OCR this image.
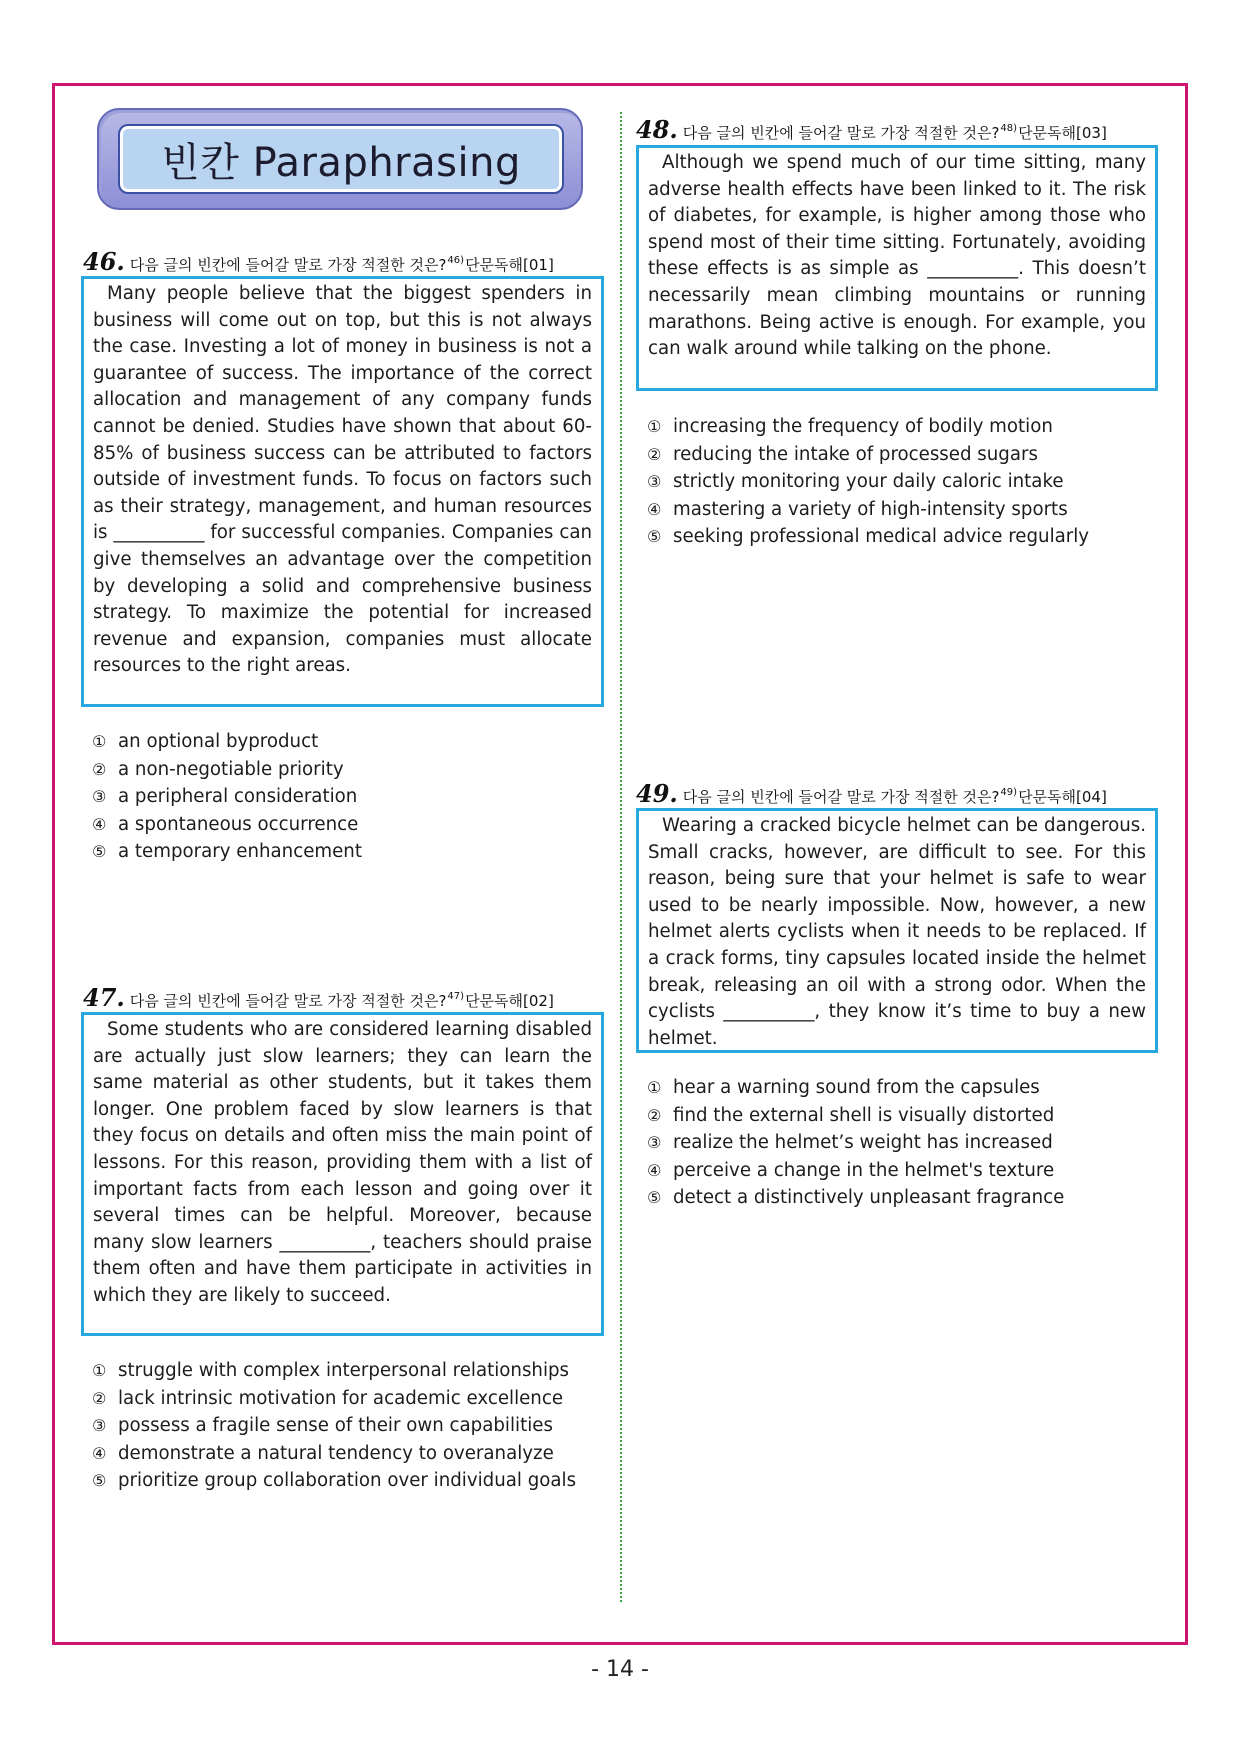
빈칸 Paraphrasing
46. 다음 글의 빈칸에 들어갈 말로 가장 적절한 것은? 46) 단문독해[01]

Many people believe that the biggest spenders in business will come out on top, but this is not always the case. Investing a lot of money in business is not a guarantee of success. The importance of the correct allocation and management of any company funds cannot be denied. Studies have shown that about 60-85% of business success can be attributed to factors outside of investment funds. To focus on factors such as their strategy, management, and human resources is __________ for successful companies. Companies can give themselves an advantage over the competition by developing a solid and comprehensive business strategy. To maximize the potential for increased revenue and expansion, companies must allocate resources to the right areas.

① an optional byproduct
② a non-negotiable priority
③ a peripheral consideration
④ a spontaneous occurrence
⑤ a temporary enhancement
47. 다음 글의 빈칸에 들어갈 말로 가장 적절한 것은? 47) 단문독해[02]

Some students who are considered learning disabled are actually just slow learners; they can learn the same material as other students, but it takes them longer. One problem faced by slow learners is that they focus on details and often miss the main point of lessons. For this reason, providing them with a list of important facts from each lesson and going over it several times can be helpful. Moreover, because many slow learners __________, teachers should praise them often and have them participate in activities in which they are likely to succeed.

① struggle with complex interpersonal relationships
② lack intrinsic motivation for academic excellence
③ possess a fragile sense of their own capabilities
④ demonstrate a natural tendency to overanalyze
⑤ prioritize group collaboration over individual goals
48. 다음 글의 빈칸에 들어갈 말로 가장 적절한 것은? 48) 단문독해[03]

Although we spend much of our time sitting, many adverse health effects have been linked to it. The risk of diabetes, for example, is higher among those who spend most of their time sitting. Fortunately, avoiding these effects is as simple as __________. This doesn’t necessarily mean climbing mountains or running marathons. Being active is enough. For example, you can walk around while talking on the phone.

① increasing the frequency of bodily motion
② reducing the intake of processed sugars
③ strictly monitoring your daily caloric intake
④ mastering a variety of high-intensity sports
⑤ seeking professional medical advice regularly
49. 다음 글의 빈칸에 들어갈 말로 가장 적절한 것은? 49) 단문독해[04]

Wearing a cracked bicycle helmet can be dangerous. Small cracks, however, are difficult to see. For this reason, being sure that your helmet is safe to wear used to be nearly impossible. Now, however, a new helmet alerts cyclists when it needs to be replaced. If a crack forms, tiny capsules located inside the helmet break, releasing an oil with a strong odor. When the cyclists __________, they know it’s time to buy a new helmet.

① hear a warning sound from the capsules
② find the external shell is visually distorted
③ realize the helmet’s weight has increased
④ perceive a change in the helmet's texture
⑤ detect a distinctively unpleasant fragrance
- 14 -
